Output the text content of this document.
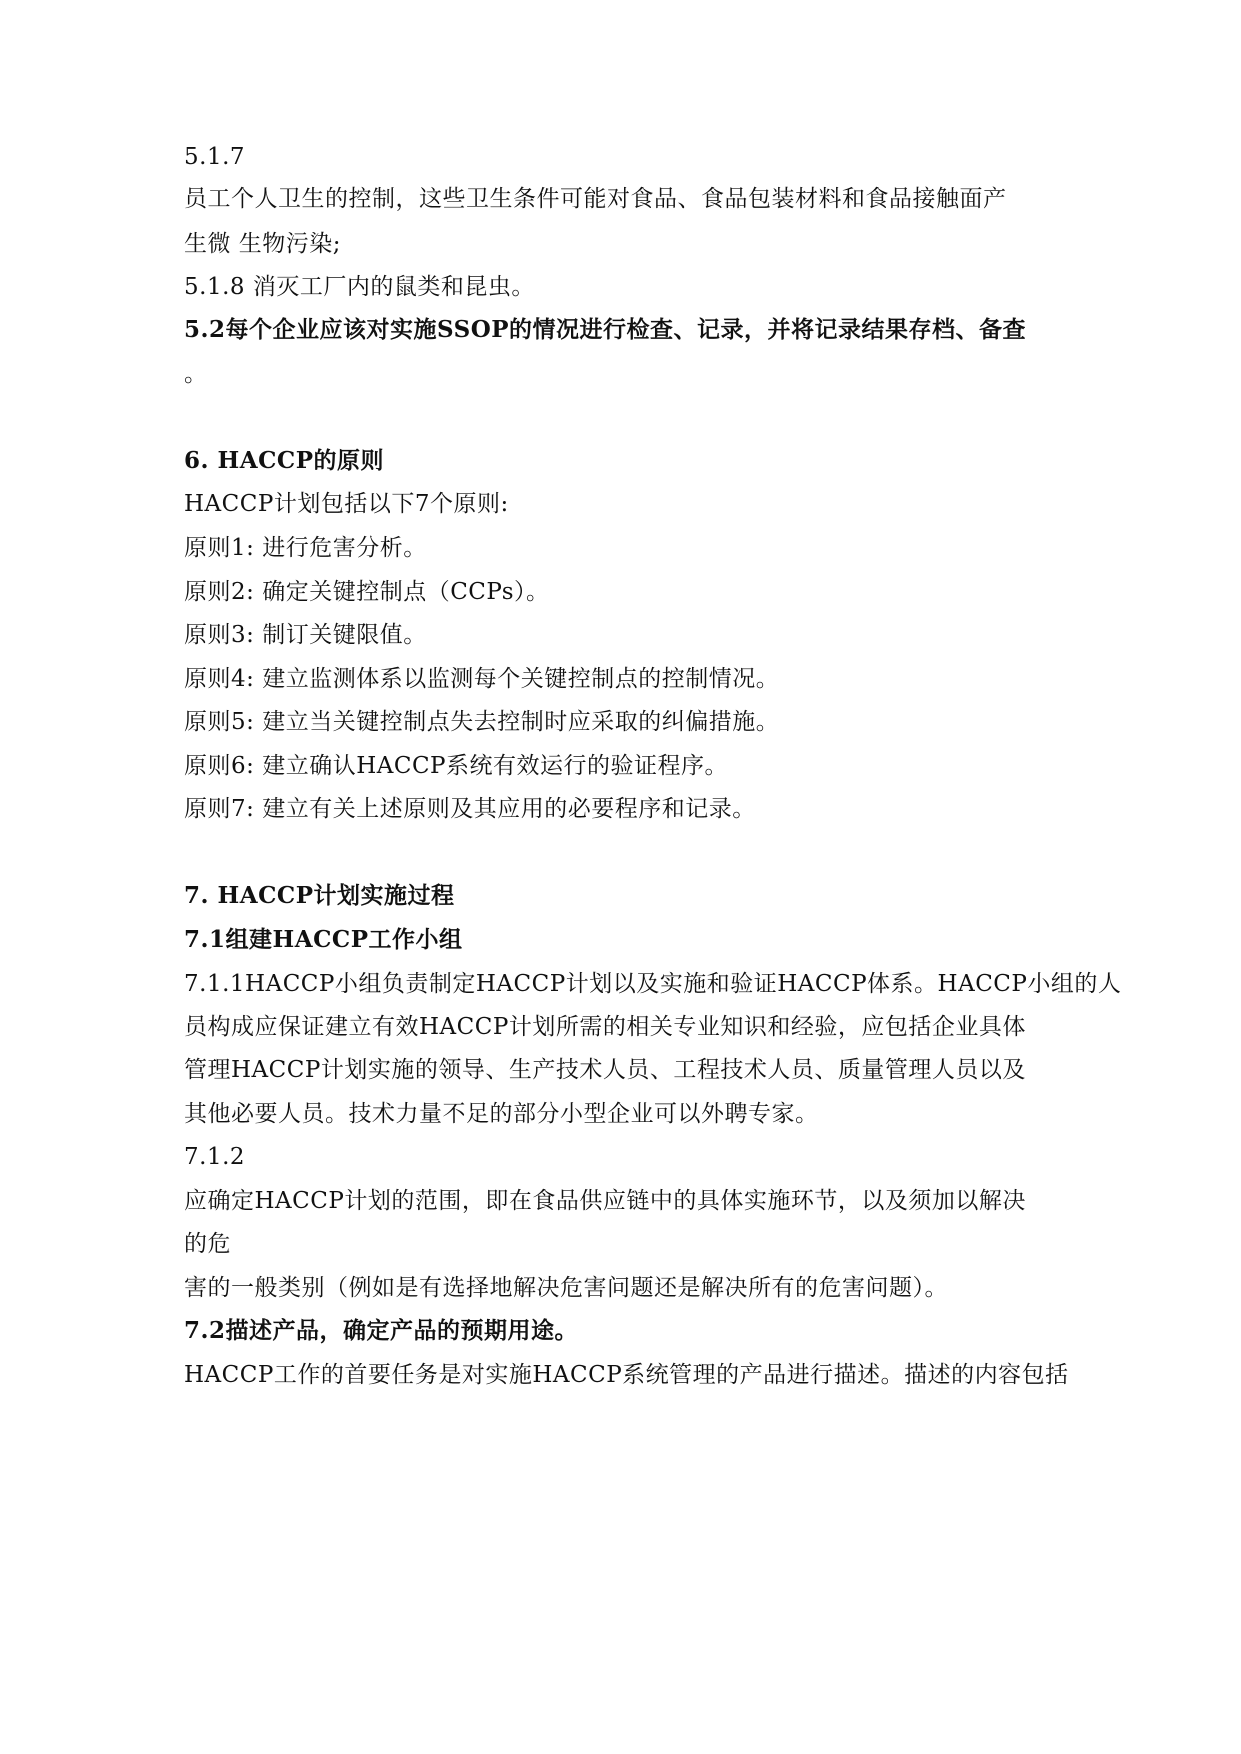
5.1.7
员工个人卫生的控制，这些卫生条件可能对食品、食品包装材料和食品接触面产
生微 生物污染;
5.1.8 消灭工厂内的鼠类和昆虫。
5.2每个企业应该对实施SSOP的情况进行检查、记录，并将记录结果存档、备查
。
6. HACCP的原则
HACCP计划包括以下7个原则:
原则1: 进行危害分析。
原则2: 确定关键控制点（CCPs）。
原则3: 制订关键限值。
原则4: 建立监测体系以监测每个关键控制点的控制情况。
原则5: 建立当关键控制点失去控制时应采取的纠偏措施。
原则6: 建立确认HACCP系统有效运行的验证程序。
原则7: 建立有关上述原则及其应用的必要程序和记录。
7. HACCP计划实施过程
7.1组建HACCP工作小组
7.1.1HACCP小组负责制定HACCP计划以及实施和验证HACCP体系。HACCP小组的人
员构成应保证建立有效HACCP计划所需的相关专业知识和经验，应包括企业具体
管理HACCP计划实施的领导、生产技术人员、工程技术人员、质量管理人员以及
其他必要人员。技术力量不足的部分小型企业可以外聘专家。
7.1.2
应确定HACCP计划的范围，即在食品供应链中的具体实施环节，以及须加以解决
的危
害的一般类别（例如是有选择地解决危害问题还是解决所有的危害问题）。
7.2描述产品，确定产品的预期用途。
HACCP工作的首要任务是对实施HACCP系统管理的产品进行描述。描述的内容包括
